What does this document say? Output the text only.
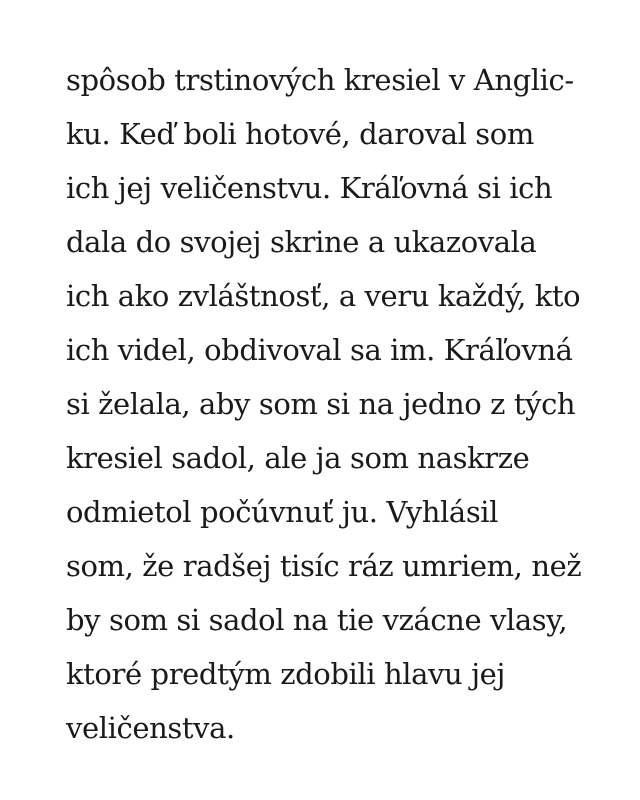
spôsob trstinových kresiel v Anglic-
ku. Keď boli hotové, daroval som
ich jej veličenstvu. Kráľovná si ich
dala do svojej skrine a ukazovala
ich ako zvláštnosť, a veru každý, kto
ich videl, obdivoval sa im. Kráľovná
si želala, aby som si na jedno z tých
kresiel sadol, ale ja som naskrze
odmietol počúvnuť ju. Vyhlásil
som, že radšej tisíc ráz umriem, než
by som si sadol na tie vzácne vlasy,
ktoré predtým zdobili hlavu jej
veličenstva.
